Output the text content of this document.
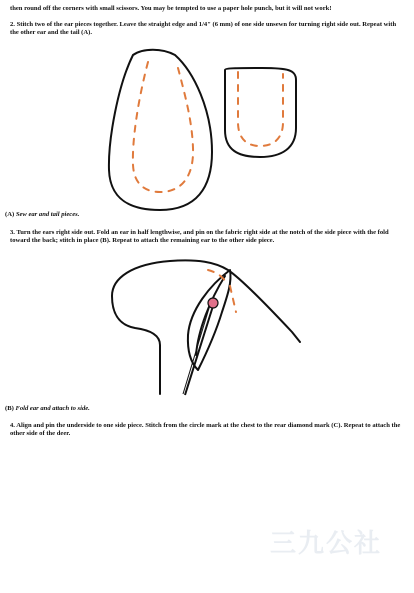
then round off the corners with small scissors. You may be tempted to use a paper hole punch, but it will not work!

2. Stitch two of the ear pieces together. Leave the straight edge and 1/4" (6 mm) of one side unsewn for turning right side out. Repeat with the other ear and the tail (A).

(A) Sew ear and tail pieces.

3. Turn the ears right side out. Fold an ear in half lengthwise, and pin on the fabric right side at the notch of the side piece with the fold toward the back; stitch in place (B). Repeat to attach the remaining ear to the other side piece.

(B) Fold ear and attach to side.

4. Align and pin the underside to one side piece. Stitch from the circle mark at the chest to the rear diamond mark (C). Repeat to attach the other side of the deer.

三九公社
